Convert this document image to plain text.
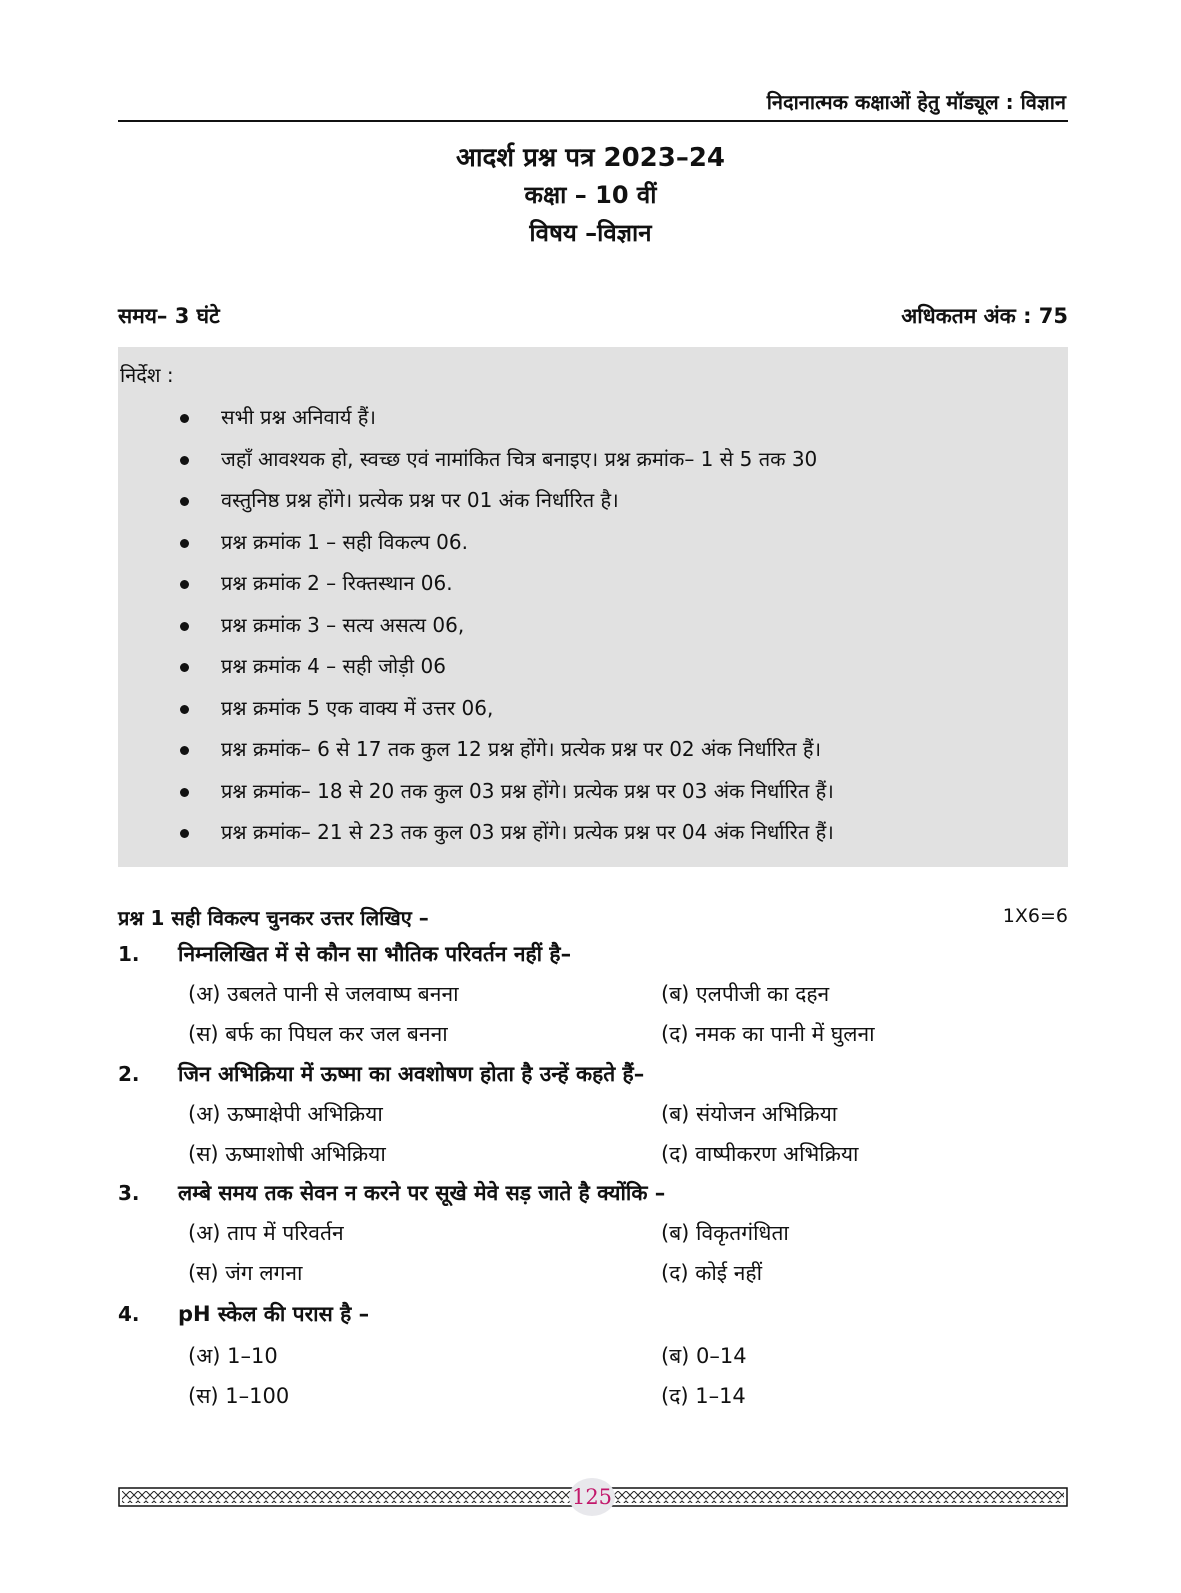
निदानात्मक कक्षाओं हेतु मॉड्यूल : विज्ञान
आदर्श प्रश्न पत्र 2023–24
कक्षा – 10 वीं
विषय –विज्ञान
समय– 3 घंटे	अधिकतम अंक : 75
निर्देश :
सभी प्रश्न अनिवार्य हैं।
जहाँ आवश्यक हो, स्वच्छ एवं नामांकित चित्र बनाइए। प्रश्न क्रमांक– 1 से 5 तक 30
वस्तुनिष्ठ प्रश्न होंगे। प्रत्येक प्रश्न पर 01 अंक निर्धारित है।
प्रश्न क्रमांक 1 – सही विकल्प 06.
प्रश्न क्रमांक 2 – रिक्तस्थान 06.
प्रश्न क्रमांक 3 – सत्य असत्य 06,
प्रश्न क्रमांक 4 – सही जोड़ी 06
प्रश्न क्रमांक 5 एक वाक्य में उत्तर 06,
प्रश्न क्रमांक– 6 से 17 तक कुल 12 प्रश्न होंगे। प्रत्येक प्रश्न पर 02 अंक निर्धारित हैं।
प्रश्न क्रमांक– 18 से 20 तक कुल 03 प्रश्न होंगे। प्रत्येक प्रश्न पर 03 अंक निर्धारित हैं।
प्रश्न क्रमांक– 21 से 23 तक कुल 03 प्रश्न होंगे। प्रत्येक प्रश्न पर 04 अंक निर्धारित हैं।
प्रश्न 1 सही विकल्प चुनकर उत्तर लिखिए –	1X6=6
1. निम्नलिखित में से कौन सा भौतिक परिवर्तन नहीं है–
(अ) उबलते पानी से जलवाष्प बनना	(ब) एलपीजी का दहन
(स) बर्फ का पिघल कर जल बनना	(द) नमक का पानी में घुलना
2. जिन अभिक्रिया में ऊष्मा का अवशोषण होता है उन्हें कहते हैं–
(अ) ऊष्माक्षेपी अभिक्रिया	(ब) संयोजन अभिक्रिया
(स) ऊष्माशोषी अभिक्रिया	(द) वाष्पीकरण अभिक्रिया
3. लम्बे समय तक सेवन न करने पर सूखे मेवे सड़ जाते है क्योंकि –
(अ) ताप में परिवर्तन	(ब) विकृतगंधिता
(स) जंग लगना	(द) कोई नहीं
4. pH स्केल की परास है –
(अ) 1–10	(ब) 0–14
(स) 1–100	(द) 1–14
125
